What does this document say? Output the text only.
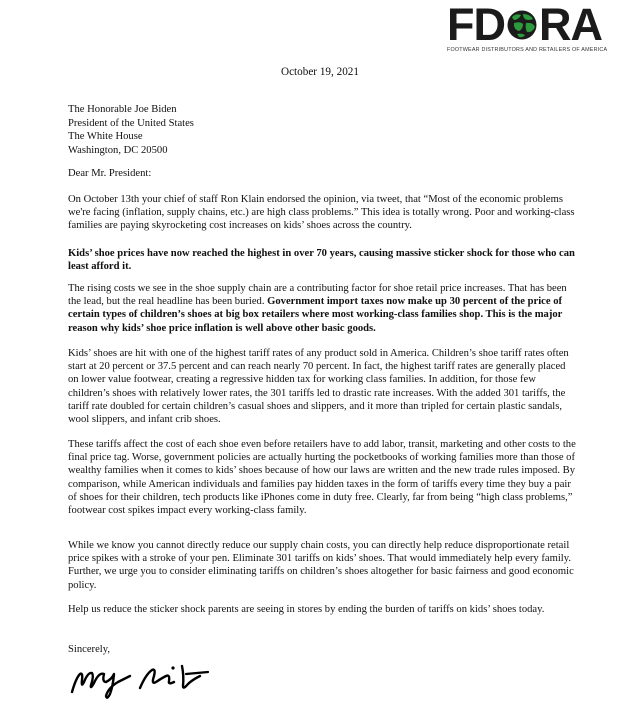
F D R A
FOOTWEAR DISTRIBUTORS AND RETAILERS OF AMERICA
October 19, 2021
The Honorable Joe Biden
President of the United States
The White House
Washington, DC 20500
Dear Mr. President:
On October 13th your chief of staff Ron Klain endorsed the opinion, via tweet, that “Most of the economic problems we're facing (inflation, supply chains, etc.) are high class problems.” This idea is totally wrong. Poor and working-class families are paying skyrocketing cost increases on kids’ shoes across the country.
Kids’ shoe prices have now reached the highest in over 70 years, causing massive sticker shock for those who can least afford it.
The rising costs we see in the shoe supply chain are a contributing factor for shoe retail price increases. That has been the lead, but the real headline has been buried. Government import taxes now make up 30 percent of the price of certain types of children’s shoes at big box retailers where most working-class families shop. This is the major reason why kids’ shoe price inflation is well above other basic goods.
Kids’ shoes are hit with one of the highest tariff rates of any product sold in America. Children’s shoe tariff rates often start at 20 percent or 37.5 percent and can reach nearly 70 percent. In fact, the highest tariff rates are generally placed on lower value footwear, creating a regressive hidden tax for working class families. In addition, for those few children’s shoes with relatively lower rates, the 301 tariffs led to drastic rate increases. With the added 301 tariffs, the tariff rate doubled for certain children’s casual shoes and slippers, and it more than tripled for certain plastic sandals, wool slippers, and infant crib shoes.
These tariffs affect the cost of each shoe even before retailers have to add labor, transit, marketing and other costs to the final price tag. Worse, government policies are actually hurting the pocketbooks of working families more than those of wealthy families when it comes to kids’ shoes because of how our laws are written and the new trade rules imposed. By comparison, while American individuals and families pay hidden taxes in the form of tariffs every time they buy a pair of shoes for their children, tech products like iPhones come in duty free. Clearly, far from being “high class problems,” footwear cost spikes impact every working-class family.
While we know you cannot directly reduce our supply chain costs, you can directly help reduce disproportionate retail price spikes with a stroke of your pen. Eliminate 301 tariffs on kids’ shoes. That would immediately help every family. Further, we urge you to consider eliminating tariffs on children’s shoes altogether for basic fairness and good economic policy.
Help us reduce the sticker shock parents are seeing in stores by ending the burden of tariffs on kids’ shoes today.
Sincerely,
